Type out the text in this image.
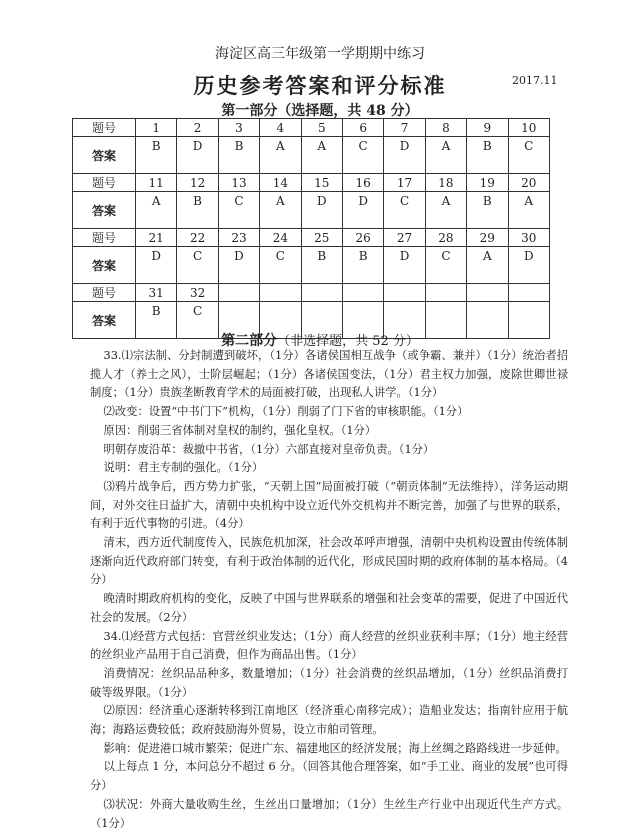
海淀区高三年级第一学期期中练习
历史参考答案和评分标准	2017.11
第一部分（选择题，共 48 分）
题号	1	2	3	4	5	6	7	8	9	10
答案	B	D	B	A	A	C	D	A	B	C
题号	11	12	13	14	15	16	17	18	19	20
答案	A	B	C	A	D	D	C	A	B	A
题号	21	22	23	24	25	26	27	28	29	30
答案	D	C	D	C	B	B	D	C	A	D
题号	31	32								
答案	B	C								
第二部分（非选择题，共 52 分）

33.⑴宗法制、分封制遭到破坏，（1分）各诸侯国相互战争（或争霸、兼并）（1分）统治者招揽人才（养士之风），士阶层崛起；（1分）各诸侯国变法，（1分）君主权力加强，废除世卿世禄制度；（1分）贵族垄断教育学术的局面被打破，出现私人讲学。（1分）

⑵改变：设置“中书门下”机构，（1分）削弱了门下省的审核职能。（1分）

原因：削弱三省体制对皇权的制约，强化皇权。（1分）

明朝存废沿革：裁撤中书省，（1分）六部直接对皇帝负责。（1分）

说明：君主专制的强化。（1分）

⑶鸦片战争后，西方势力扩张，“天朝上国”局面被打破（“朝贡体制”无法维持），洋务运动期间，对外交往日益扩大，清朝中央机构中设立近代外交机构并不断完善，加强了与世界的联系，有利于近代事物的引进。（4分）

清末，西方近代制度传入，民族危机加深，社会改革呼声增强，清朝中央机构设置由传统体制逐渐向近代政府部门转变，有利于政治体制的近代化，形成民国时期的政府体制的基本格局。（4分）

晚清时期政府机构的变化，反映了中国与世界联系的增强和社会变革的需要，促进了中国近代社会的发展。（2分）

34.⑴经营方式包括：官营丝织业发达；（1分）商人经营的丝织业获利丰厚；（1分）地主经营的丝织业产品用于自己消费，但作为商品出售。（1分）

消费情况：丝织品品种多，数量增加；（1分）社会消费的丝织品增加，（1分）丝织品消费打破等级界限。（1分）

⑵原因：经济重心逐渐转移到江南地区（经济重心南移完成）；造船业发达；指南针应用于航海；海路运费较低；政府鼓励海外贸易，设立市舶司管理。

影响：促进港口城市繁荣；促进广东、福建地区的经济发展；海上丝绸之路路线进一步延伸。

以上每点 1 分，本问总分不超过 6 分。（回答其他合理答案，如“手工业、商业的发展”也可得分）

⑶状况：外商大量收购生丝，生丝出口量增加；（1分）生丝生产行业中出现近代生产方式。（1分）
